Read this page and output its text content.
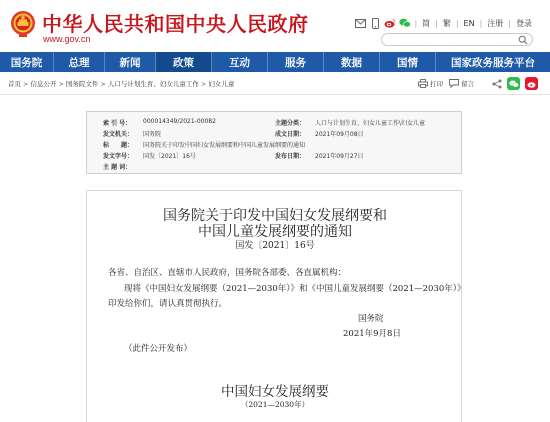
中华人民共和国中央人民政府
www.gov.cn
| 简 | 繁 | EN | 注册 | 登录
国务院	总理	新闻	政策	互动	服务	数据	国情	国家政务服务平台
首页 > 信息公开 > 国务院文件 > 人口与计划生育、妇女儿童工作 > 妇女儿童	打印	留言
索 引 号： 000014349/2021-00082	主题分类： 人口与计划生育、妇女儿童工作\妇女儿童
发文机关： 国务院	成文日期： 2021年09月08日
标　　题： 国务院关于印发中国妇女发展纲要和中国儿童发展纲要的通知
发文字号： 国发〔2021〕16号	发布日期： 2021年09月27日
主 题 词：
国务院关于印发中国妇女发展纲要和
中国儿童发展纲要的通知
国发〔2021〕16号
各省、自治区、直辖市人民政府，国务院各部委、各直属机构：
现将《中国妇女发展纲要（2021—2030年）》和《中国儿童发展纲要（2021—2030年）》
印发给你们，请认真贯彻执行。
国务院
2021年9月8日
（此件公开发布）
中国妇女发展纲要
（2021—2030年）
